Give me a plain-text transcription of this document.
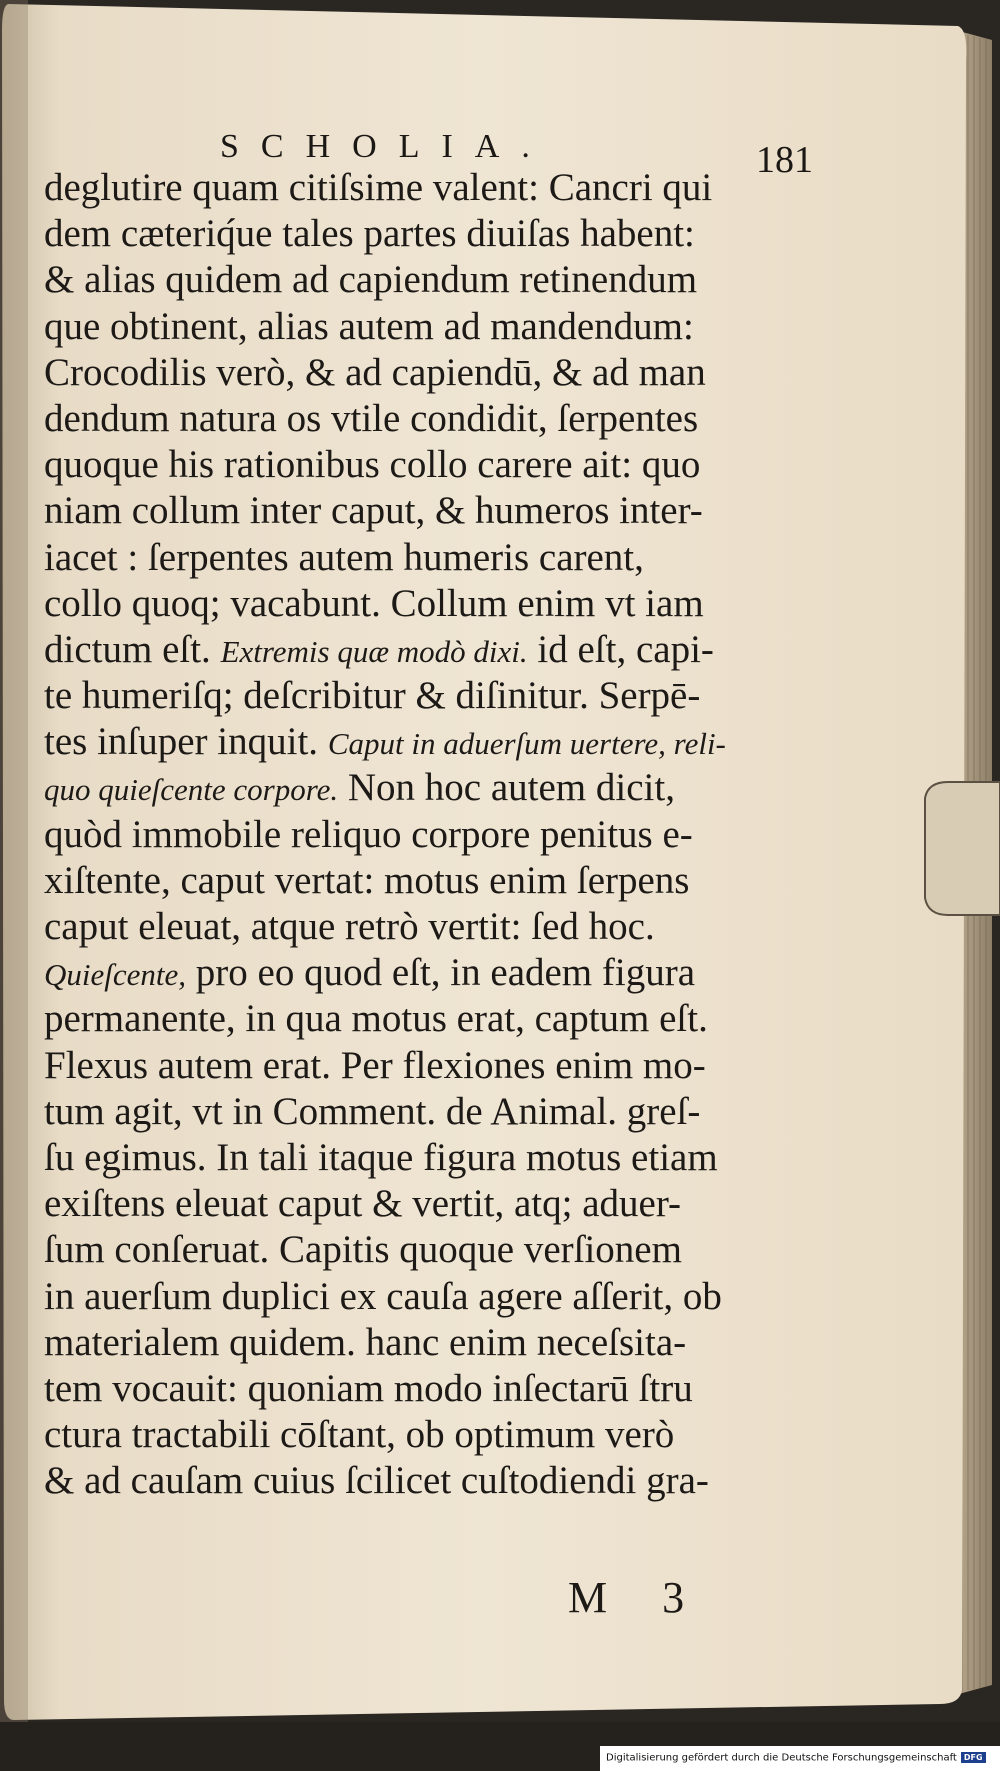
SCHOLIA.	181
deglutire quam citiſsime valent: Cancri qui
dem cæteriq́ue tales partes diuiſas habent:
& alias quidem ad capiendum retinendum
que obtinent, alias autem ad mandendum:
Crocodilis verò, & ad capiendū, & ad man
dendum natura os vtile condidit, ſerpentes
quoque his rationibus collo carere ait: quo
niam collum inter caput, & humeros inter-
iacet : ſerpentes autem humeris carent,
collo quoq; vacabunt. Collum enim vt iam
dictum eſt. Extremis quæ modò dixi. id eſt, capi-
te humeriſq; deſcribitur & diſinitur. Serpē-
tes inſuper inquit. Caput in aduerſum uertere, reli-
quo quieſcente corpore. Non hoc autem dicit,
quòd immobile reliquo corpore penitus e-
xiſtente, caput vertat: motus enim ſerpens
caput eleuat, atque retrò vertit: ſed hoc.
Quieſcente, pro eo quod eſt, in eadem figura
permanente, in qua motus erat, captum eſt.
Flexus autem erat. Per flexiones enim mo-
tum agit, vt in Comment. de Animal. greſ-
ſu egimus. In tali itaque figura motus etiam
exiſtens eleuat caput & vertit, atq; aduer-
ſum conſeruat. Capitis quoque verſionem
in auerſum duplici ex cauſa agere aſſerit, ob
materialem quidem. hanc enim neceſsita-
tem vocauit: quoniam modo inſectarū ſtru
ctura tractabili cōſtant, ob optimum verò
& ad cauſam cuius ſcilicet cuſtodiendi gra-
M 3
Digitalisierung gefördert durch die Deutsche Forschungsgemeinschaft DFG
